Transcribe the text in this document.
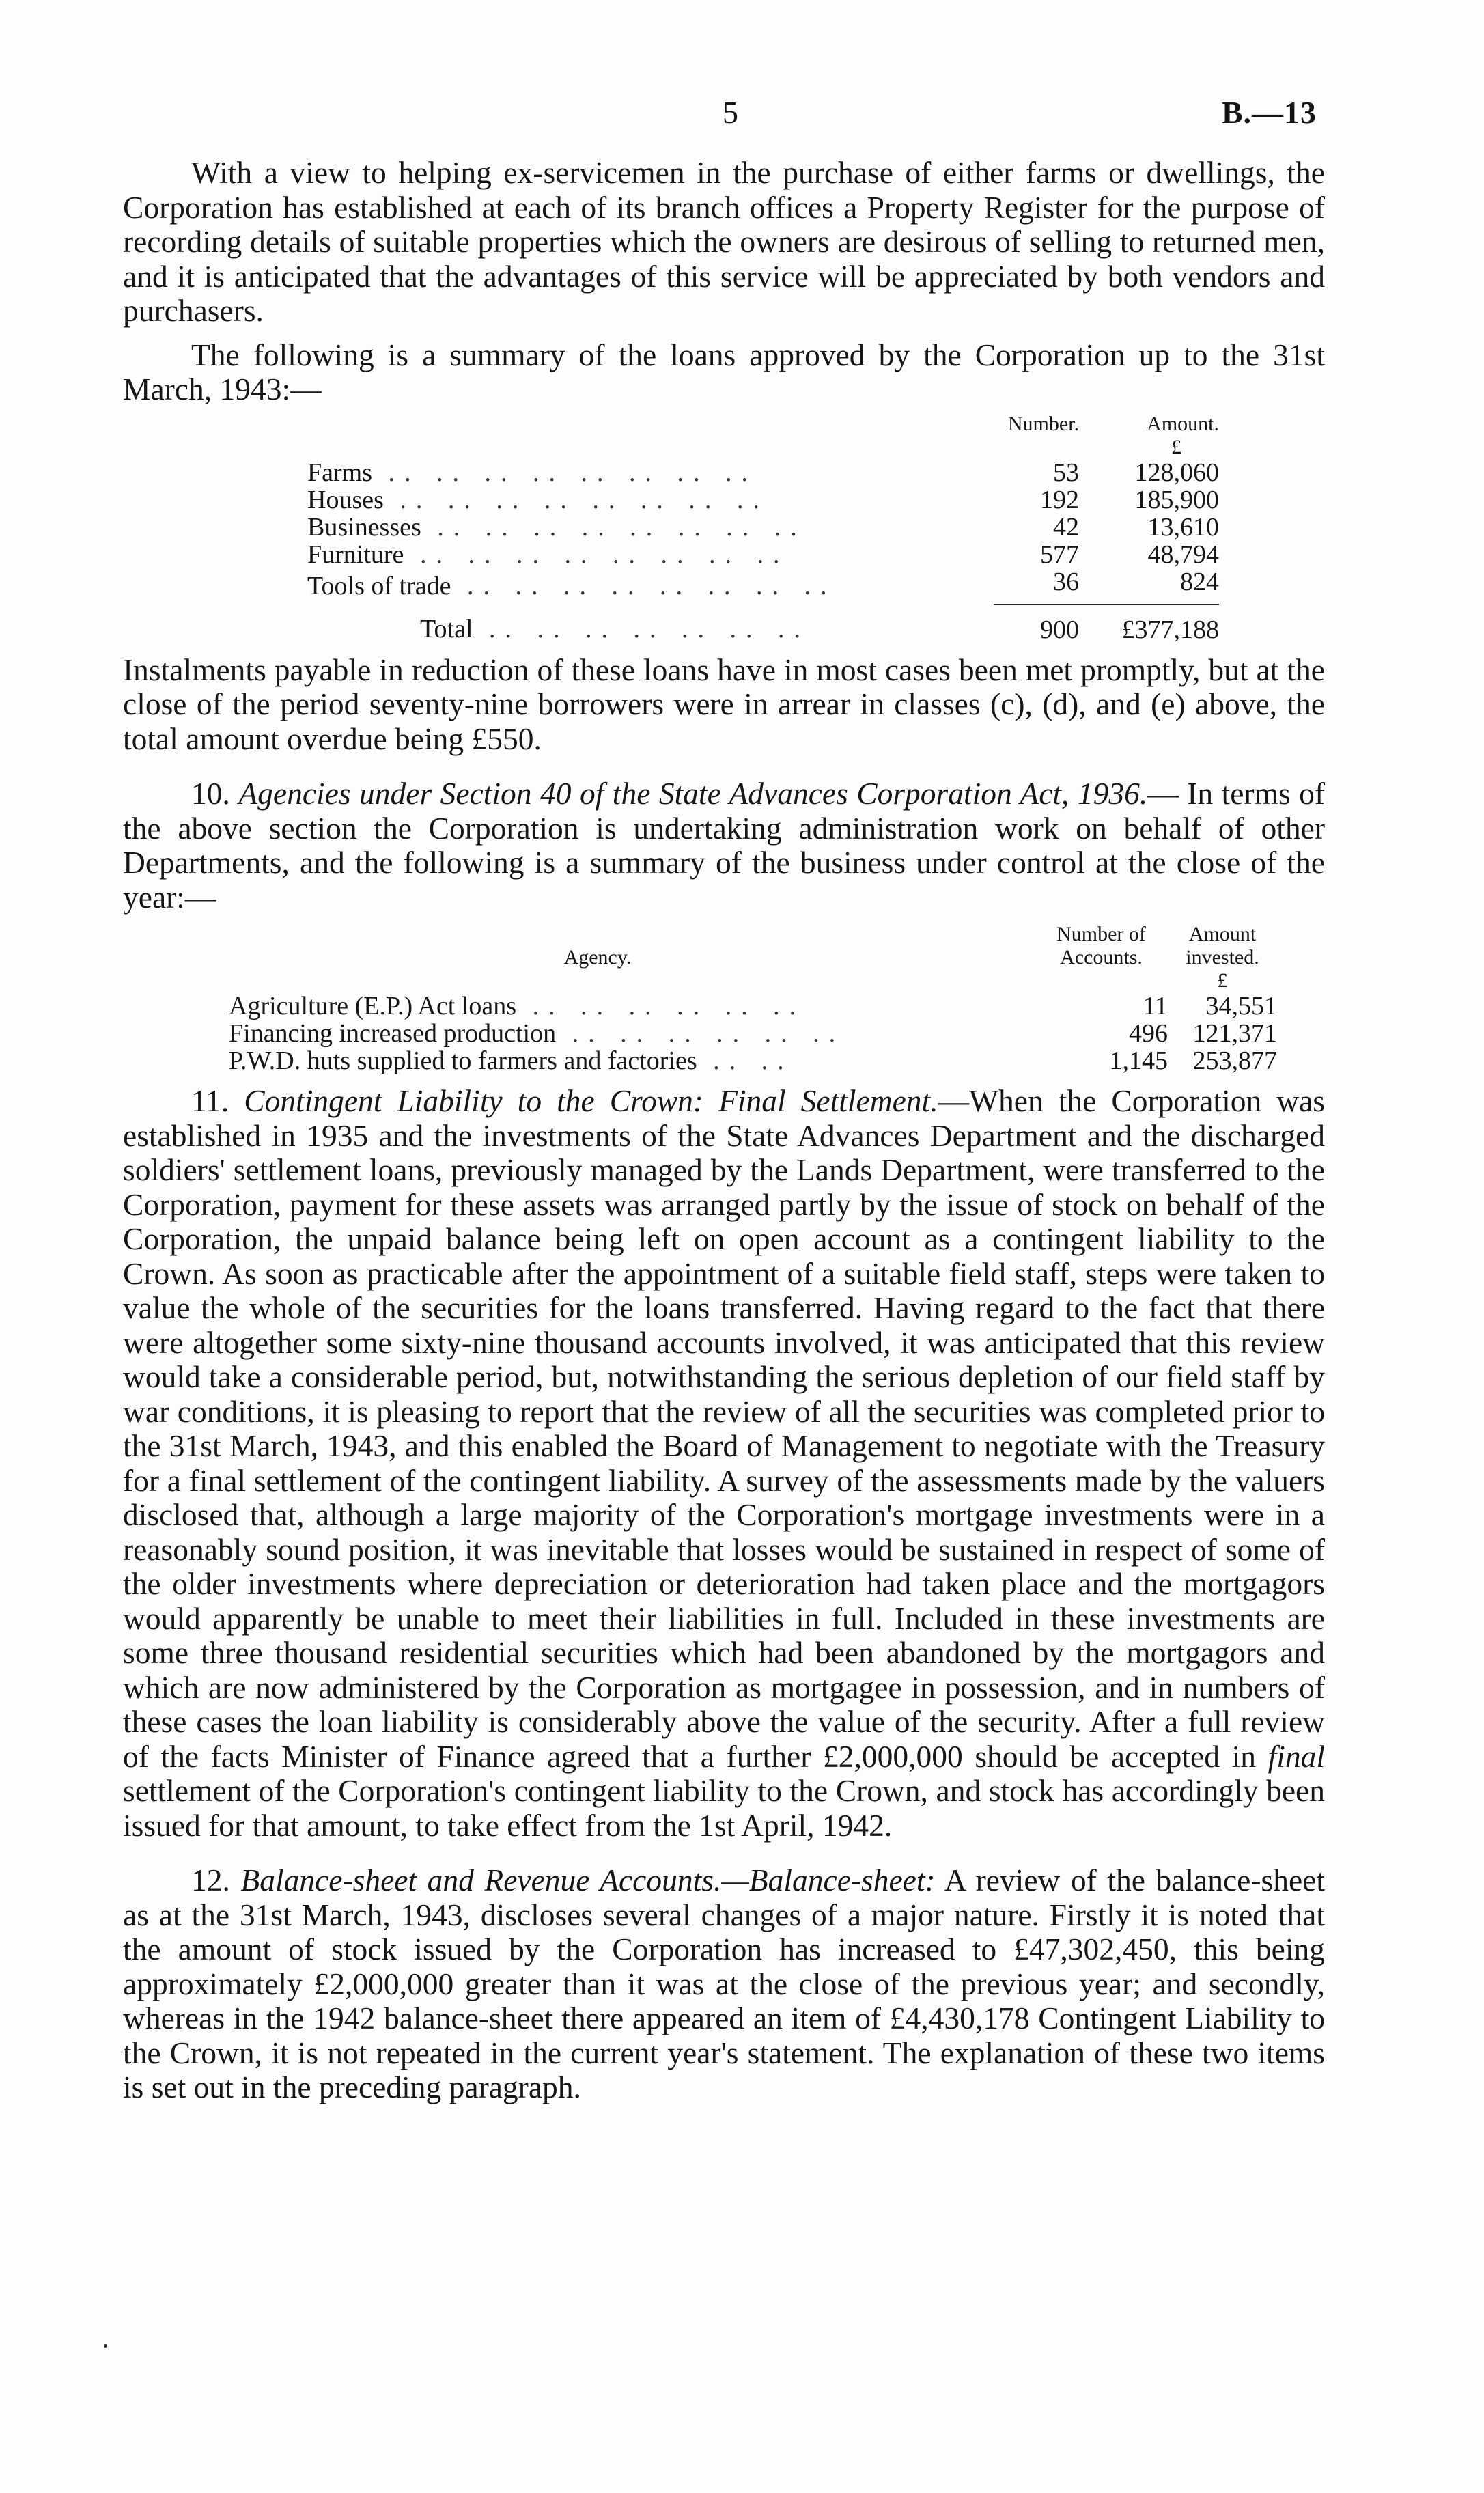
5	B.—13

With a view to helping ex-servicemen in the purchase of either farms or dwellings, the Corporation has established at each of its branch offices a Property Register for the purpose of recording details of suitable properties which the owners are desirous of selling to returned men, and it is anticipated that the advantages of this service will be appreciated by both vendors and purchasers.

The following is a summary of the loans approved by the Corporation up to the 31st March, 1943:—

	Number.	Amount.
		£
Farms .. .. .. .. .. .. .. ..	53	128,060
Houses .. .. .. .. .. .. .. ..	192	185,900
Businesses .. .. .. .. .. .. .. ..	42	13,610
Furniture .. .. .. .. .. .. .. ..	577	48,794
Tools of trade .. .. .. .. .. .. .. ..	36	824
Total .. .. .. .. .. .. ..	900	£377,188

Instalments payable in reduction of these loans have in most cases been met promptly, but at the close of the period seventy-nine borrowers were in arrear in classes (c), (d), and (e) above, the total amount overdue being £550.

10. Agencies under Section 40 of the State Advances Corporation Act, 1936.— In terms of the above section the Corporation is undertaking administration work on behalf of other Departments, and the following is a summary of the business under control at the close of the year:—

Agency.	Number of Accounts.	Amount invested.
		£
Agriculture (E.P.) Act loans .. .. .. .. .. ..	11	34,551
Financing increased production .. .. .. .. .. ..	496	121,371
P.W.D. huts supplied to farmers and factories .. ..	1,145	253,877

11. Contingent Liability to the Crown: Final Settlement.—When the Corporation was established in 1935 and the investments of the State Advances Department and the discharged soldiers' settlement loans, previously managed by the Lands Department, were transferred to the Corporation, payment for these assets was arranged partly by the issue of stock on behalf of the Corporation, the unpaid balance being left on open account as a contingent liability to the Crown. As soon as practicable after the appointment of a suitable field staff, steps were taken to value the whole of the securities for the loans transferred. Having regard to the fact that there were altogether some sixty-nine thousand accounts involved, it was anticipated that this review would take a considerable period, but, notwithstanding the serious depletion of our field staff by war conditions, it is pleasing to report that the review of all the securities was completed prior to the 31st March, 1943, and this enabled the Board of Management to negotiate with the Treasury for a final settlement of the contingent liability. A survey of the assessments made by the valuers disclosed that, although a large majority of the Corporation's mortgage investments were in a reasonably sound position, it was inevitable that losses would be sustained in respect of some of the older investments where depreciation or deterioration had taken place and the mortgagors would apparently be unable to meet their liabilities in full. Included in these investments are some three thousand residential securities which had been abandoned by the mortgagors and which are now administered by the Corporation as mortgagee in possession, and in numbers of these cases the loan liability is considerably above the value of the security. After a full review of the facts Minister of Finance agreed that a further £2,000,000 should be accepted in final settlement of the Corporation's contingent liability to the Crown, and stock has accordingly been issued for that amount, to take effect from the 1st April, 1942.

12. Balance-sheet and Revenue Accounts.—Balance-sheet: A review of the balance-sheet as at the 31st March, 1943, discloses several changes of a major nature. Firstly it is noted that the amount of stock issued by the Corporation has increased to £47,302,450, this being approximately £2,000,000 greater than it was at the close of the previous year; and secondly, whereas in the 1942 balance-sheet there appeared an item of £4,430,178 Contingent Liability to the Crown, it is not repeated in the current year's statement. The explanation of these two items is set out in the preceding paragraph.
